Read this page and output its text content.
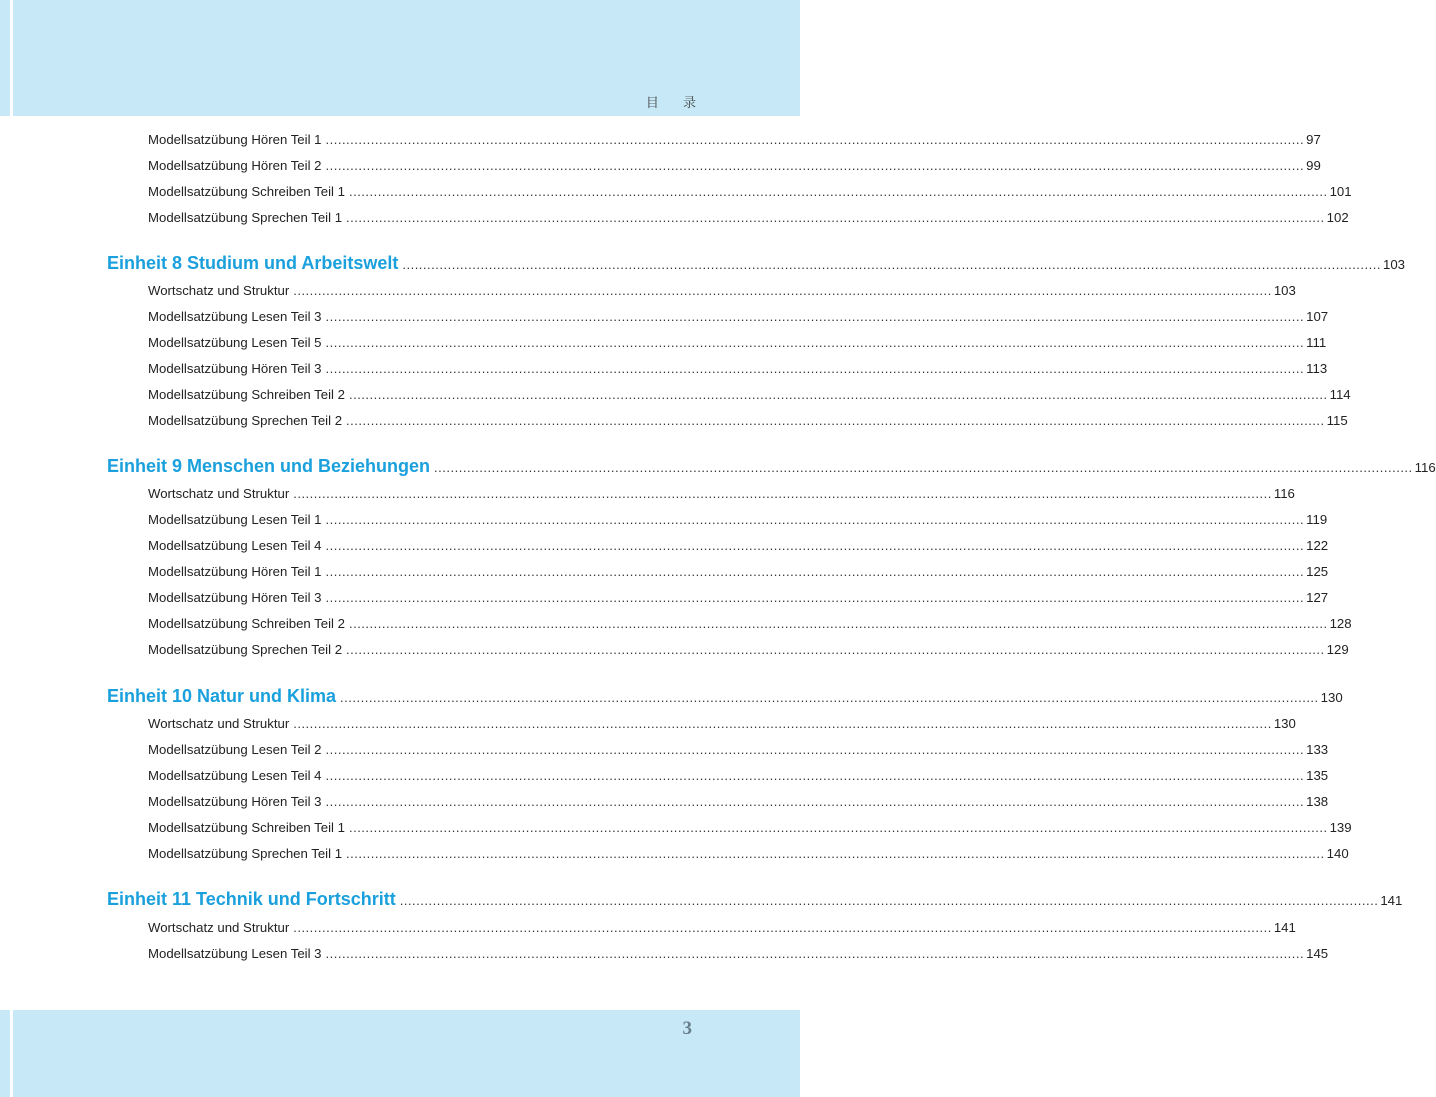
目 录
Modellsatzübung Hören Teil 1 .............................................................................................................................................................................................................................................. 97
Modellsatzübung Hören Teil 2 .............................................................................................................................................................................................................................................. 99
Modellsatzübung Schreiben Teil 1 .............................................................................................................................................................................................................................................. 101
Modellsatzübung Sprechen Teil 1 .............................................................................................................................................................................................................................................. 102
Einheit 8 Studium und Arbeitswelt .............................................................................................................................................................................................................................................. 103
Wortschatz und Struktur .............................................................................................................................................................................................................................................. 103
Modellsatzübung Lesen Teil 3 .............................................................................................................................................................................................................................................. 107
Modellsatzübung Lesen Teil 5 .............................................................................................................................................................................................................................................. 111
Modellsatzübung Hören Teil 3 .............................................................................................................................................................................................................................................. 113
Modellsatzübung Schreiben Teil 2 .............................................................................................................................................................................................................................................. 114
Modellsatzübung Sprechen Teil 2 .............................................................................................................................................................................................................................................. 115
Einheit 9 Menschen und Beziehungen .............................................................................................................................................................................................................................................. 116
Wortschatz und Struktur .............................................................................................................................................................................................................................................. 116
Modellsatzübung Lesen Teil 1 .............................................................................................................................................................................................................................................. 119
Modellsatzübung Lesen Teil 4 .............................................................................................................................................................................................................................................. 122
Modellsatzübung Hören Teil 1 .............................................................................................................................................................................................................................................. 125
Modellsatzübung Hören Teil 3 .............................................................................................................................................................................................................................................. 127
Modellsatzübung Schreiben Teil 2 .............................................................................................................................................................................................................................................. 128
Modellsatzübung Sprechen Teil 2 .............................................................................................................................................................................................................................................. 129
Einheit 10 Natur und Klima .............................................................................................................................................................................................................................................. 130
Wortschatz und Struktur .............................................................................................................................................................................................................................................. 130
Modellsatzübung Lesen Teil 2 .............................................................................................................................................................................................................................................. 133
Modellsatzübung Lesen Teil 4 .............................................................................................................................................................................................................................................. 135
Modellsatzübung Hören Teil 3 .............................................................................................................................................................................................................................................. 138
Modellsatzübung Schreiben Teil 1 .............................................................................................................................................................................................................................................. 139
Modellsatzübung Sprechen Teil 1 .............................................................................................................................................................................................................................................. 140
Einheit 11 Technik und Fortschritt .............................................................................................................................................................................................................................................. 141
Wortschatz und Struktur .............................................................................................................................................................................................................................................. 141
Modellsatzübung Lesen Teil 3 .............................................................................................................................................................................................................................................. 145
3
